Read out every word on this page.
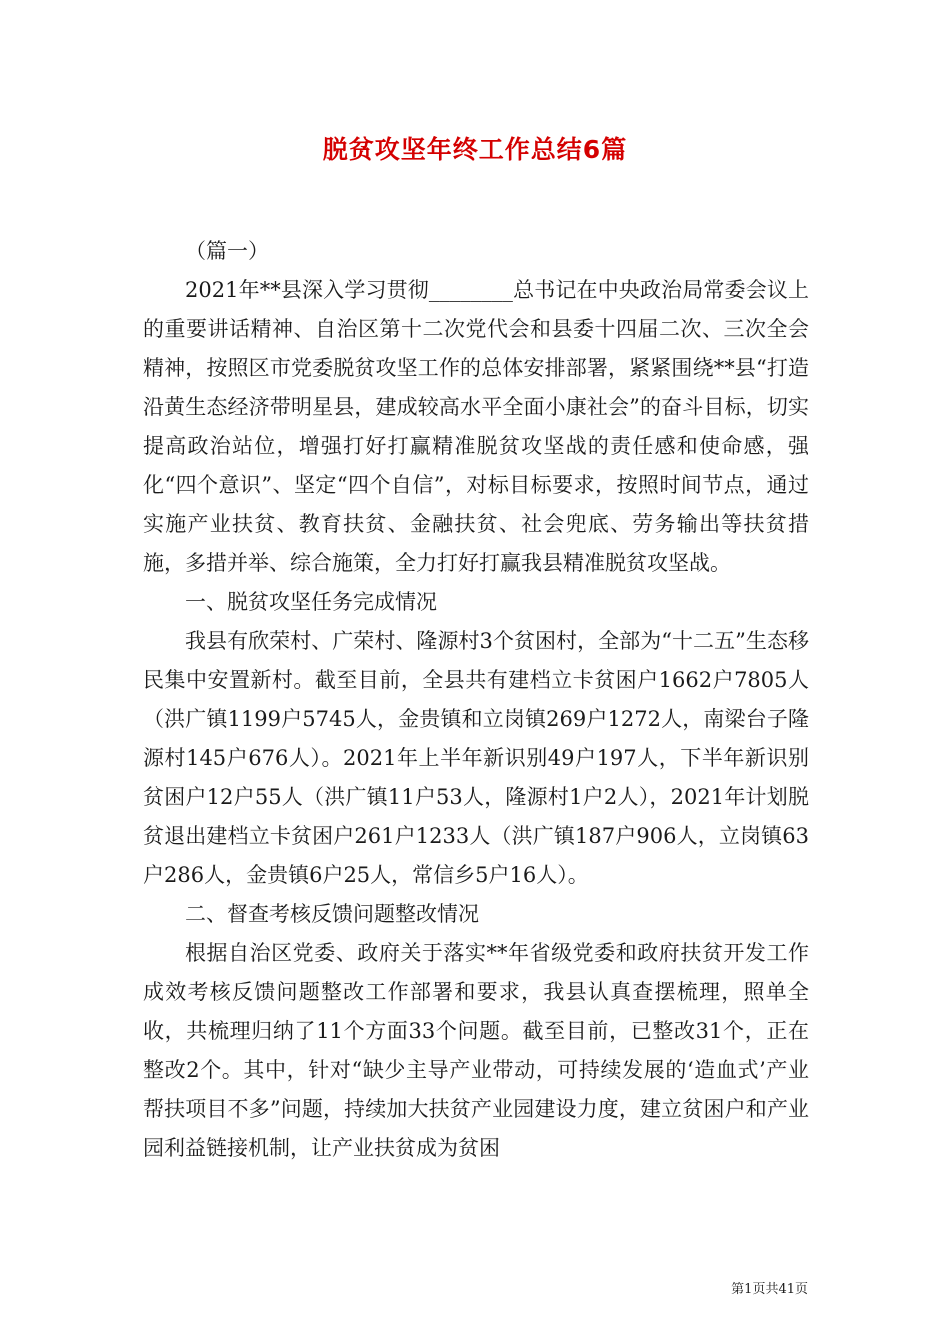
脱贫攻坚年终工作总结6篇

（篇一）

2021年**县深入学习贯彻________总书记在中央政治局常委会议上的重要讲话精神、自治区第十二次党代会和县委十四届二次、三次全会精神，按照区市党委脱贫攻坚工作的总体安排部署，紧紧围绕**县“打造沿黄生态经济带明星县，建成较高水平全面小康社会”的奋斗目标，切实提高政治站位，增强打好打赢精准脱贫攻坚战的责任感和使命感，强化“四个意识”、坚定“四个自信”，对标目标要求，按照时间节点，通过实施产业扶贫、教育扶贫、金融扶贫、社会兜底、劳务输出等扶贫措施，多措并举、综合施策，全力打好打赢我县精准脱贫攻坚战。

一、脱贫攻坚任务完成情况

我县有欣荣村、广荣村、隆源村3个贫困村，全部为“十二五”生态移民集中安置新村。截至目前，全县共有建档立卡贫困户1662户7805人（洪广镇1199户5745人，金贵镇和立岗镇269户1272人，南梁台子隆源村145户676人）。2021年上半年新识别49户197人，下半年新识别贫困户12户55人（洪广镇11户53人，隆源村1户2人），2021年计划脱贫退出建档立卡贫困户261户1233人（洪广镇187户906人，立岗镇63户286人，金贵镇6户25人，常信乡5户16人）。

二、督查考核反馈问题整改情况

根据自治区党委、政府关于落实**年省级党委和政府扶贫开发工作成效考核反馈问题整改工作部署和要求，我县认真查摆梳理，照单全收，共梳理归纳了11个方面33个问题。截至目前，已整改31个，正在整改2个。其中，针对“缺少主导产业带动，可持续发展的‘造血式’产业帮扶项目不多”问题，持续加大扶贫产业园建设力度，建立贫困户和产业园利益链接机制，让产业扶贫成为贫困

第1页共41页
